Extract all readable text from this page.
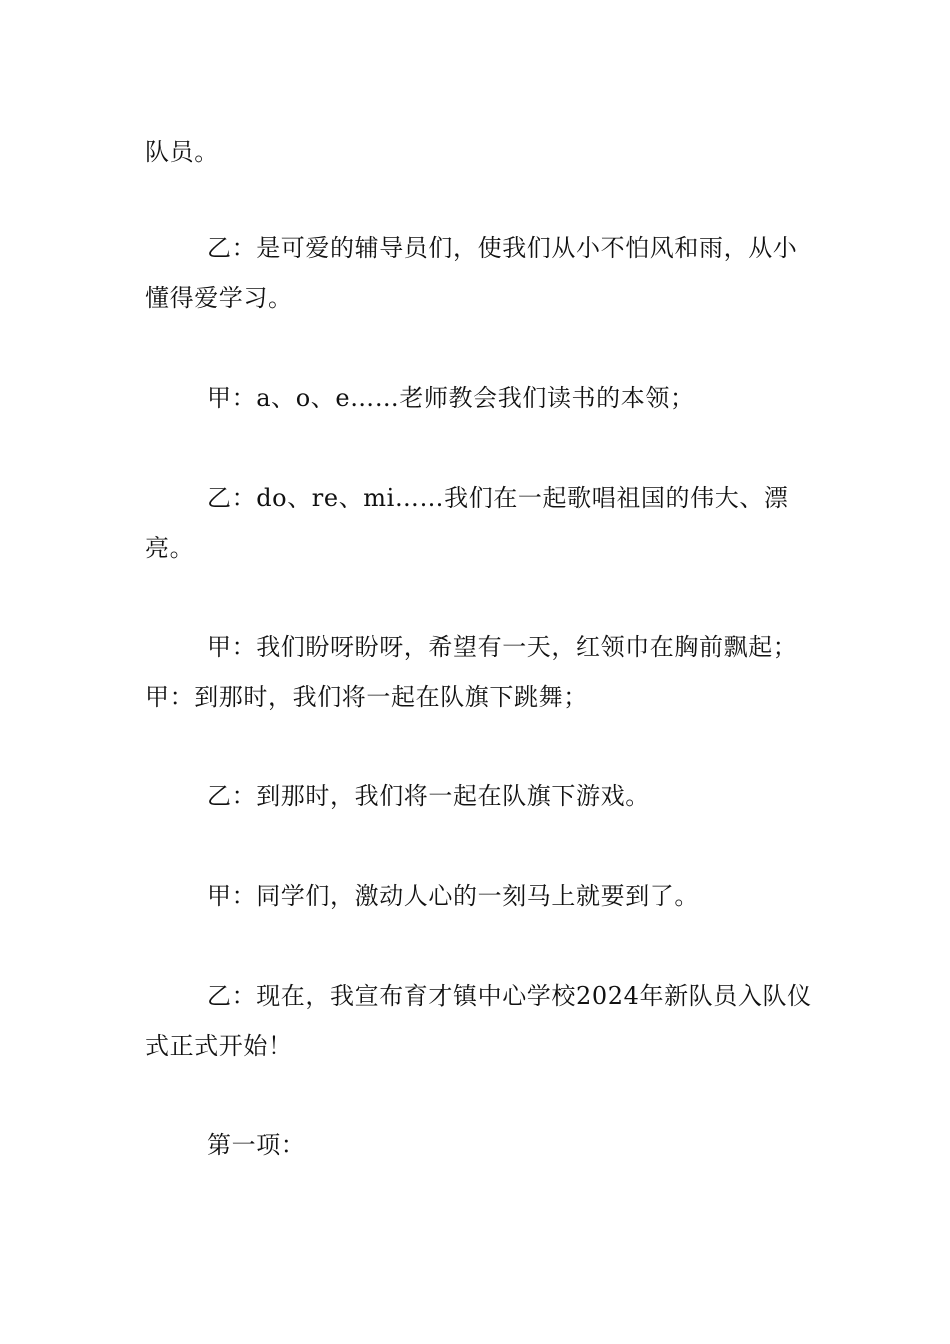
队员。

乙：是可爱的辅导员们，使我们从小不怕风和雨，从小懂得爱学习。

甲：a、o、e……老师教会我们读书的本领；

乙：do、re、mi……我们在一起歌唱祖国的伟大、漂亮。

甲：我们盼呀盼呀，希望有一天，红领巾在胸前飘起；

甲：到那时，我们将一起在队旗下跳舞；

乙：到那时，我们将一起在队旗下游戏。

甲：同学们，激动人心的一刻马上就要到了。

乙：现在，我宣布育才镇中心学校2024年新队员入队仪式正式开始！

第一项：
